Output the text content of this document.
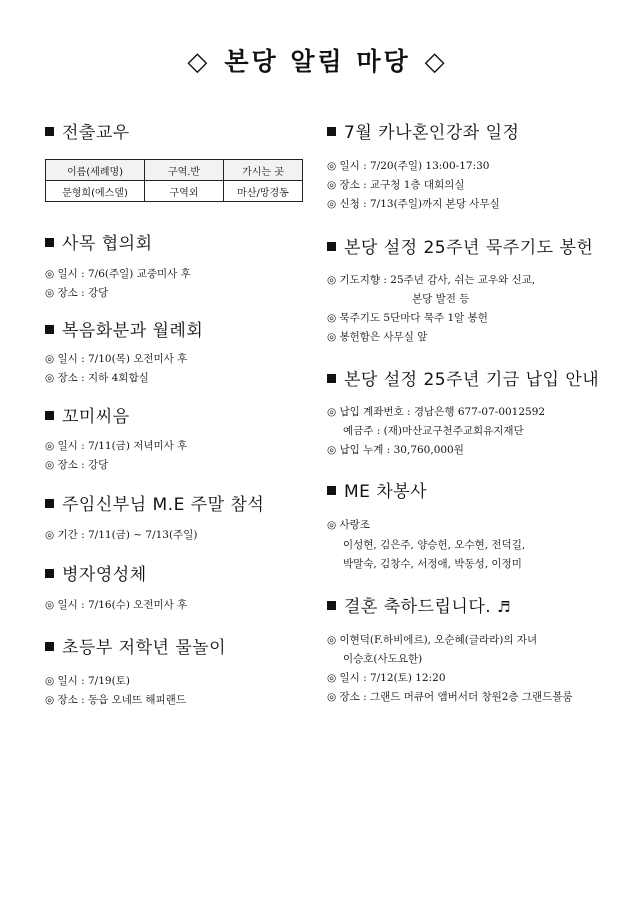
◇ 본당 알림 마당 ◇
전출교우
이름(세례명)	구역.반	가시는 곳
문형희(에스델)	구역외	마산/망경동
사목 협의회
◎ 일시 : 7/6(주일) 교중미사 후
◎ 장소 : 강당
복음화분과 월례회
◎ 일시 : 7/10(목) 오전미사 후
◎ 장소 : 지하 4회합실
꼬미씨음
◎ 일시 : 7/11(금) 저녁미사 후
◎ 장소 : 강당
주임신부님 M.E 주말 참석
◎ 기간 : 7/11(금) ~ 7/13(주일)
병자영성체
◎ 일시 : 7/16(수) 오전미사 후
초등부 저학년 물놀이
◎ 일시 : 7/19(토)
◎ 장소 : 동읍 오네뜨 해피랜드
7월 카나혼인강좌 일정
◎ 일시 : 7/20(주일) 13:00-17:30
◎ 장소 : 교구청 1층 대회의실
◎ 신청 : 7/13(주일)까지 본당 사무실
본당 설정 25주년 묵주기도 봉헌
◎ 기도지향 : 25주년 감사, 쉬는 교우와 신교,
본당 발전 등
◎ 묵주기도 5단마다 묵주 1알 봉헌
◎ 봉헌함은 사무실 앞
본당 설정 25주년 기금 납입 안내
◎ 납입 계좌번호 : 경남은행 677-07-0012592
예금주 : (재)마산교구천주교회유지재단
◎ 납입 누계 : 30,760,000원
ME 차봉사
◎ 사랑조
이성현, 김은주, 양승헌, 오수현, 전덕길,
박말숙, 김창수, 서정애, 박동성, 이정미
결혼 축하드립니다. ♬
◎ 이현덕(F.하비에르), 오순혜(글라라)의 자녀
이승호(사도요한)
◎ 일시 : 7/12(토) 12:20
◎ 장소 : 그랜드 머큐어 앰버서더 창원2층 그랜드볼룸
